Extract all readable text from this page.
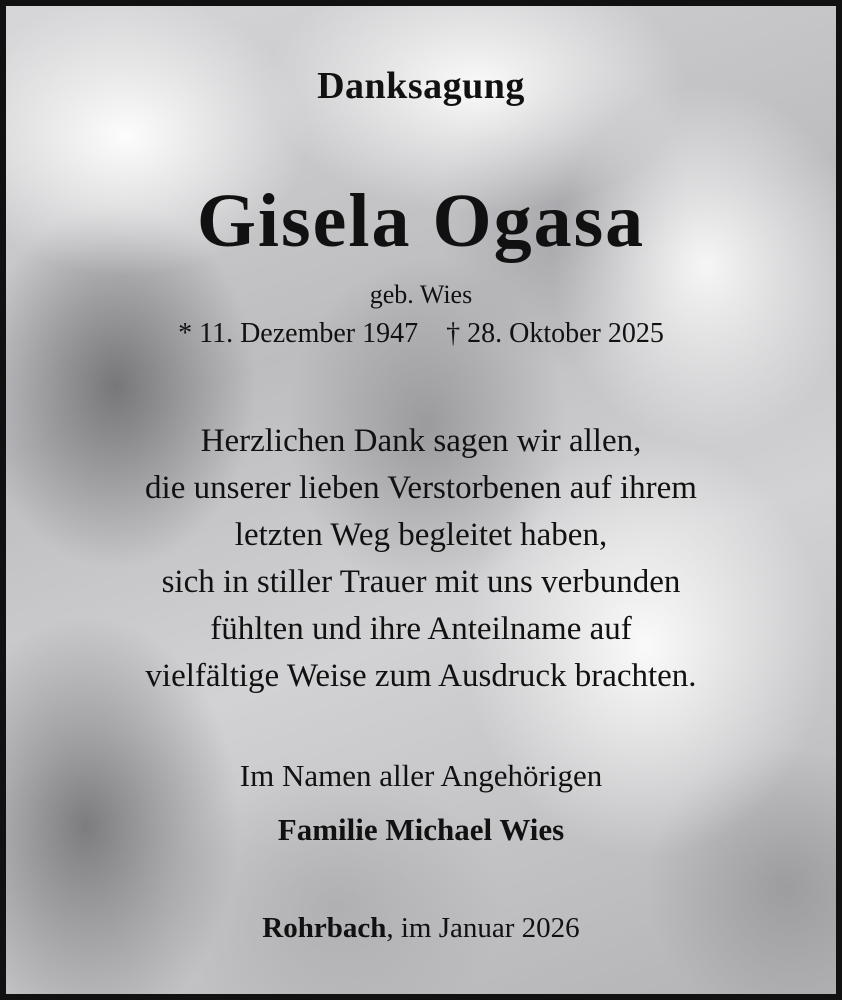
Danksagung

Gisela Ogasa

geb. Wies

* 11. Dezember 1947 † 28. Oktober 2025

Herzlichen Dank sagen wir allen,
die unserer lieben Verstorbenen auf ihrem
letzten Weg begleitet haben,
sich in stiller Trauer mit uns verbunden
fühlten und ihre Anteilname auf
vielfältige Weise zum Ausdruck brachten.

Im Namen aller Angehörigen

Familie Michael Wies

Rohrbach, im Januar 2026
